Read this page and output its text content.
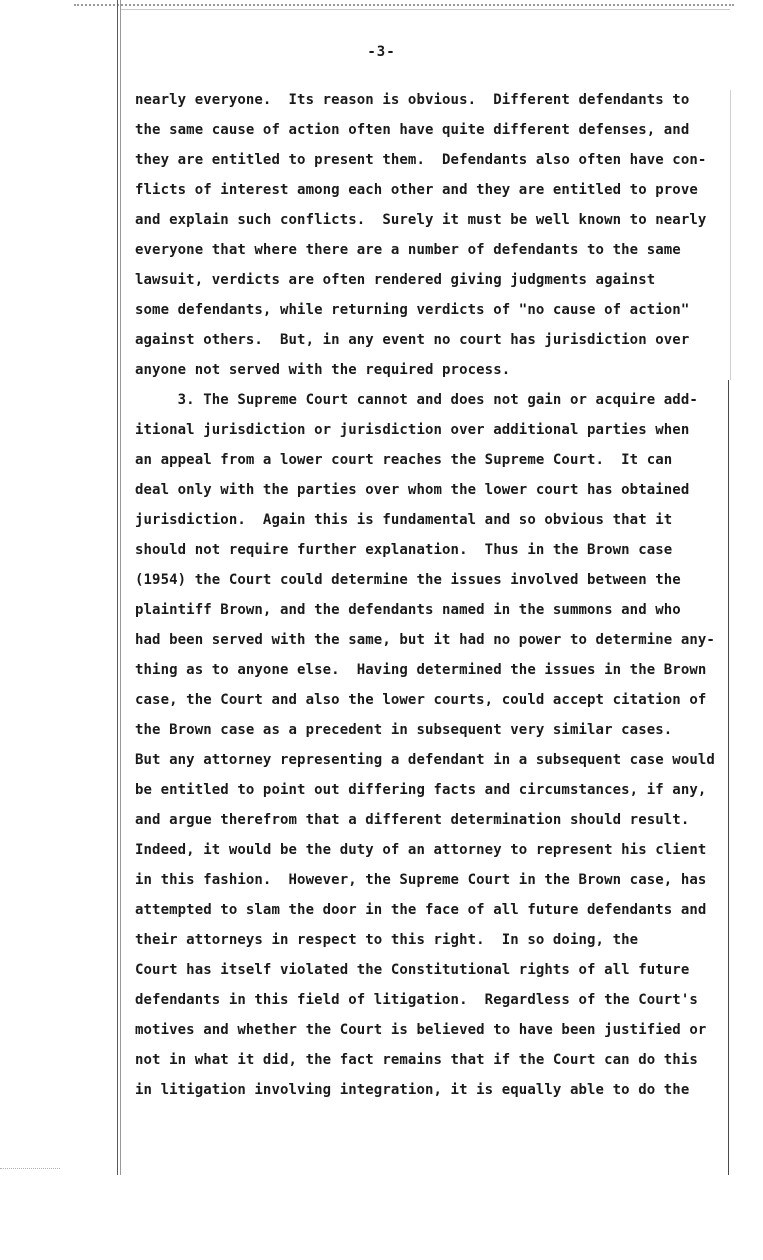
-3-
nearly everyone.  Its reason is obvious.  Different defendants to
the same cause of action often have quite different defenses, and
they are entitled to present them.  Defendants also often have con-
flicts of interest among each other and they are entitled to prove
and explain such conflicts.  Surely it must be well known to nearly
everyone that where there are a number of defendants to the same
lawsuit, verdicts are often rendered giving judgments against
some defendants, while returning verdicts of "no cause of action"
against others.  But, in any event no court has jurisdiction over
anyone not served with the required process.
3. The Supreme Court cannot and does not gain or acquire add-
itional jurisdiction or jurisdiction over additional parties when
an appeal from a lower court reaches the Supreme Court.  It can
deal only with the parties over whom the lower court has obtained
jurisdiction.  Again this is fundamental and so obvious that it
should not require further explanation.  Thus in the Brown case
(1954) the Court could determine the issues involved between the
plaintiff Brown, and the defendants named in the summons and who
had been served with the same, but it had no power to determine any-
thing as to anyone else.  Having determined the issues in the Brown
case, the Court and also the lower courts, could accept citation of
the Brown case as a precedent in subsequent very similar cases.
But any attorney representing a defendant in a subsequent case would
be entitled to point out differing facts and circumstances, if any,
and argue therefrom that a different determination should result.
Indeed, it would be the duty of an attorney to represent his client
in this fashion.  However, the Supreme Court in the Brown case, has
attempted to slam the door in the face of all future defendants and
their attorneys in respect to this right.  In so doing, the
Court has itself violated the Constitutional rights of all future
defendants in this field of litigation.  Regardless of the Court's
motives and whether the Court is believed to have been justified or
not in what it did, the fact remains that if the Court can do this
in litigation involving integration, it is equally able to do the
